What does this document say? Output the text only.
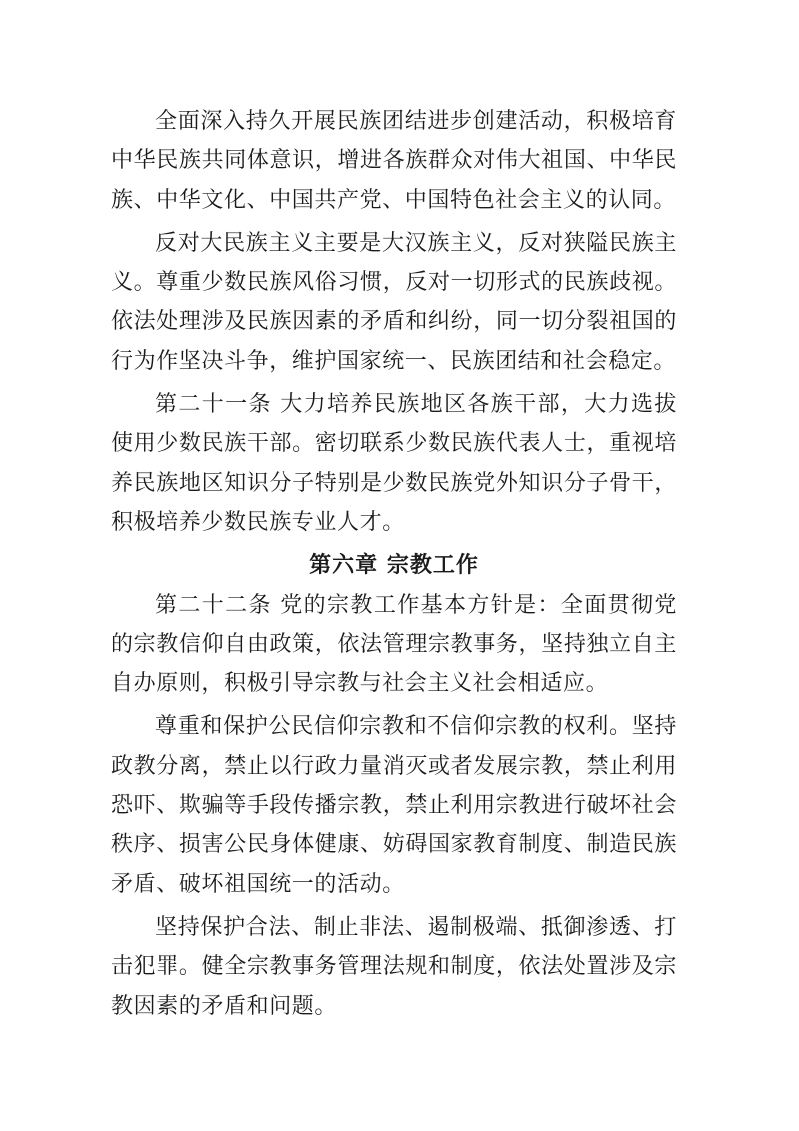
全面深入持久开展民族团结进步创建活动，积极培育中华民族共同体意识，增进各族群众对伟大祖国、中华民族、中华文化、中国共产党、中国特色社会主义的认同。

反对大民族主义主要是大汉族主义，反对狭隘民族主义。尊重少数民族风俗习惯，反对一切形式的民族歧视。依法处理涉及民族因素的矛盾和纠纷，同一切分裂祖国的行为作坚决斗争，维护国家统一、民族团结和社会稳定。

第二十一条 大力培养民族地区各族干部，大力选拔使用少数民族干部。密切联系少数民族代表人士，重视培养民族地区知识分子特别是少数民族党外知识分子骨干，积极培养少数民族专业人才。

第六章 宗教工作

第二十二条 党的宗教工作基本方针是：全面贯彻党的宗教信仰自由政策，依法管理宗教事务，坚持独立自主自办原则，积极引导宗教与社会主义社会相适应。

尊重和保护公民信仰宗教和不信仰宗教的权利。坚持政教分离，禁止以行政力量消灭或者发展宗教，禁止利用恐吓、欺骗等手段传播宗教，禁止利用宗教进行破坏社会秩序、损害公民身体健康、妨碍国家教育制度、制造民族矛盾、破坏祖国统一的活动。

坚持保护合法、制止非法、遏制极端、抵御渗透、打击犯罪。健全宗教事务管理法规和制度，依法处置涉及宗教因素的矛盾和问题。
